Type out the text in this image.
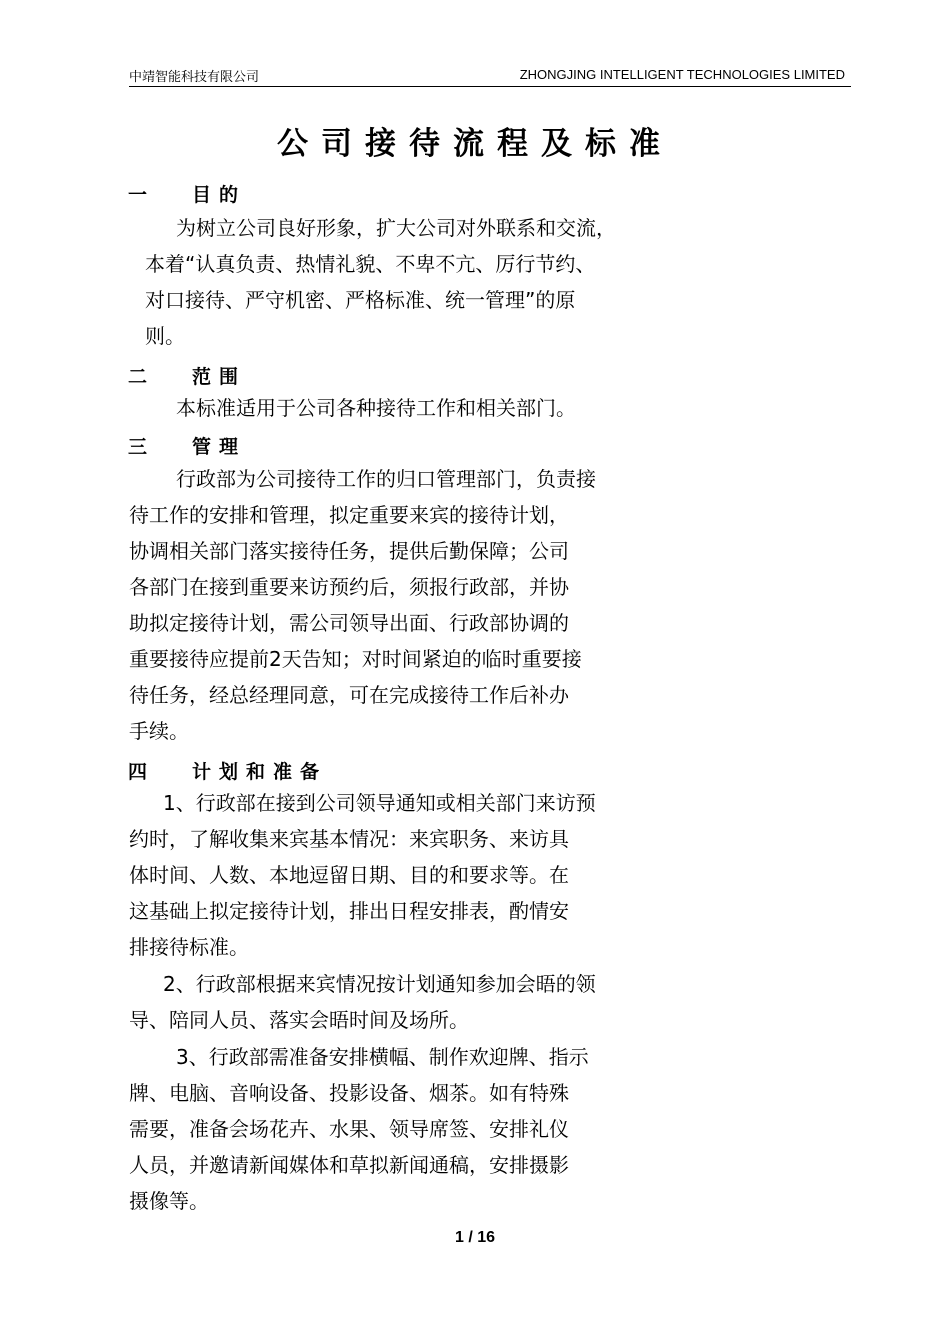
中靖智能科技有限公司	ZHONGJING INTELLIGENT TECHNOLOGIES LIMITED
公司接待流程及标准
一 目的
为树立公司良好形象，扩大公司对外联系和交流，
本着“认真负责、热情礼貌、不卑不亢、厉行节约、
对口接待、严守机密、严格标准、统一管理”的原
则。
二 范围
本标准适用于公司各种接待工作和相关部门。
三 管理
行政部为公司接待工作的归口管理部门，负责接
待工作的安排和管理，拟定重要来宾的接待计划，
协调相关部门落实接待任务，提供后勤保障；公司
各部门在接到重要来访预约后，须报行政部，并协
助拟定接待计划，需公司领导出面、行政部协调的
重要接待应提前2天告知；对时间紧迫的临时重要接
待任务，经总经理同意，可在完成接待工作后补办
手续。
四 计划和准备
1、行政部在接到公司领导通知或相关部门来访预
约时，了解收集来宾基本情况：来宾职务、来访具
体时间、人数、本地逗留日期、目的和要求等。在
这基础上拟定接待计划，排出日程安排表，酌情安
排接待标准。
2、行政部根据来宾情况按计划通知参加会晤的领
导、陪同人员、落实会晤时间及场所。
3、行政部需准备安排横幅、制作欢迎牌、指示
牌、电脑、音响设备、投影设备、烟茶。如有特殊
需要，准备会场花卉、水果、领导席签、安排礼仪
人员，并邀请新闻媒体和草拟新闻通稿，安排摄影
摄像等。
1 / 16
